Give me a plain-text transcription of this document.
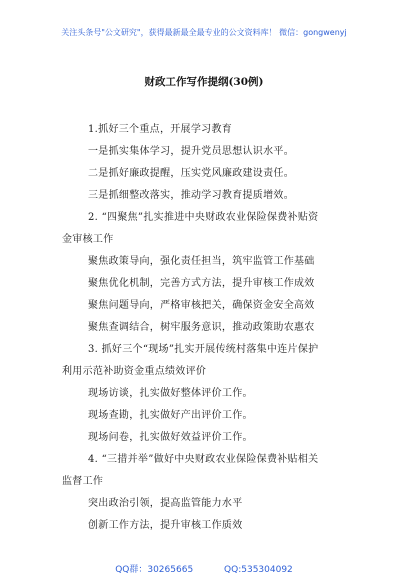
关注头条号"公文研究"，获得最新最全最专业的公文资料库！ 微信：gongwenyj
财政工作写作提纲(30例)
1.抓好三个重点，开展学习教育
一是抓实集体学习，提升党员思想认识水平。
二是抓好廉政提醒，压实党风廉政建设责任。
三是抓细整改落实，推动学习教育提质增效。
2. “四聚焦”扎实推进中央财政农业保险保费补贴资
金审核工作
聚焦政策导向，强化责任担当，筑牢监管工作基础
聚焦优化机制，完善方式方法，提升审核工作成效
聚焦问题导向，严格审核把关，确保资金安全高效
聚焦查调结合，树牢服务意识，推动政策助农惠农
3. 抓好三个“现场”扎实开展传统村落集中连片保护
利用示范补助资金重点绩效评价
现场访谈，扎实做好整体评价工作。
现场查勘，扎实做好产出评价工作。
现场问卷，扎实做好效益评价工作。
4. “三措并举”做好中央财政农业保险保费补贴相关
监督工作
突出政治引领，提高监管能力水平
创新工作方法，提升审核工作质效
QQ群：30265665	QQ:535304092
